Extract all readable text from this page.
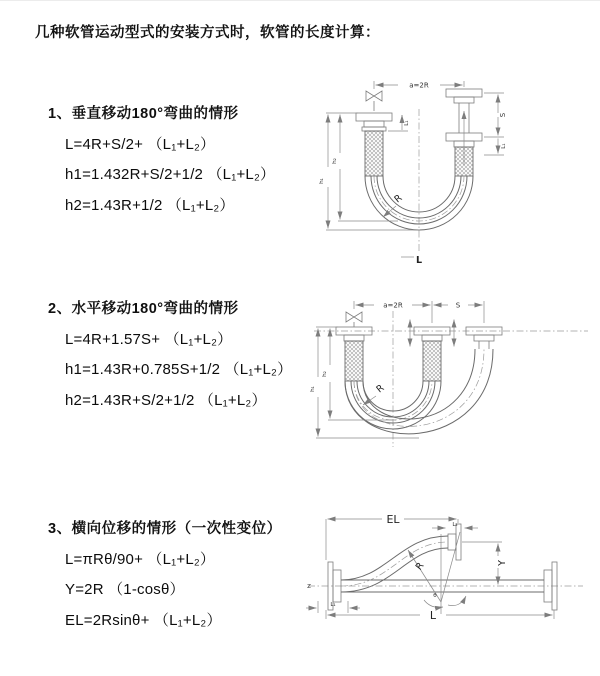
几种软管运动型式的安装方式时，软管的长度计算：
1、垂直移动180°弯曲的情形
L=4R+S/2+ （L₁+L₂）
h1=1.432R+S/2+1/2 （L₁+L₂）
h2=1.43R+1/2 （L₁+L₂）
a=2R
h₁
h₂
L₁
S
L₁
R
L
2、水平移动180°弯曲的情形
L=4R+1.57S+ （L₁+L₂）
h1=1.43R+0.785S+1/2 （L₁+L₂）
h2=1.43R+S/2+1/2 （L₁+L₂）
a=2R	S
h₁
h₂
R
3、横向位移的情形（一次性变位）
L=πRθ/90+ （L₁+L₂）
Y=2R （1-cosθ）
EL=2Rsinθ+ （L₁+L₂）
Z
EL	L₂
Y
θ
R
L₁
L
